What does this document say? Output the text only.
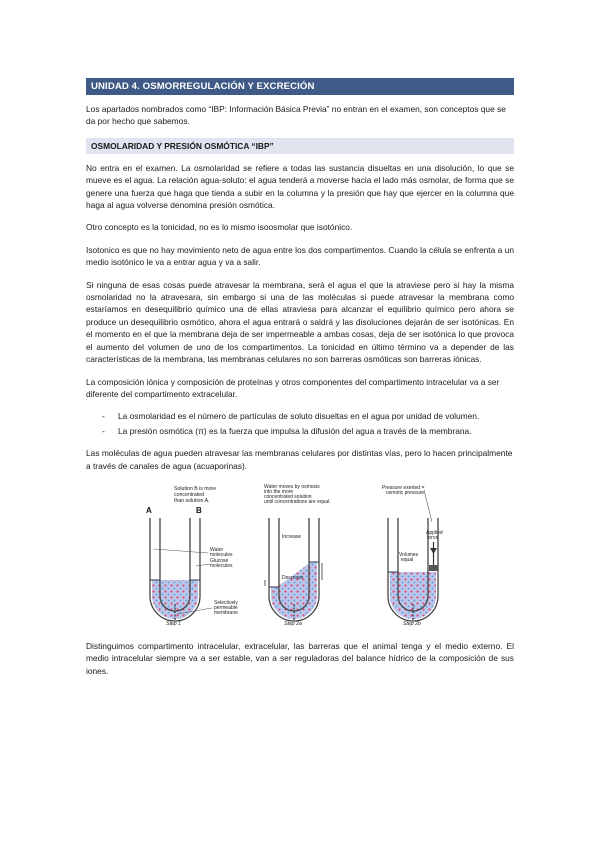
UNIDAD 4. OSMORREGULACIÓN Y EXCRECIÓN

Los apartados nombrados como “IBP: Información Básica Previa” no entran en el examen, son conceptos que se da por hecho que sabemos.

OSMOLARIDAD Y PRESIÓN OSMÓTICA “IBP”

No entra en el examen. La osmolaridad se refiere a todas las sustancia disueltas en una disolución, lo que se mueve es el agua. La relación agua-soluto: el agua tenderá a moverse hacia el lado más osmolar, de forma que se genere una fuerza que haga que tienda a subir en la columna y la presión que hay que ejercer en la columna que haga al agua volverse denomina presión osmótica.

Otro concepto es la tonicidad, no es lo mismo isoosmolar que isotónico.

Isotonico es que no hay movimiento neto de agua entre los dos compartimentos. Cuando la célula se enfrenta a un medio isotónico le va a entrar agua y va a salir.

Si ninguna de esas cosas puede atravesar la membrana, será el agua el que la atraviese pero si hay la misma osmolaridad no la atravesara, sin embargo si una de las moléculas si puede atravesar la membrana como estaríamos en desequilibrio químico una de ellas atraviesa para alcanzar el equilibrio químico pero ahora se produce un desequilibrio osmótico, ahora el agua entrará o saldrá y las disoluciones dejarán de ser isotónicas. En el momento en el que la membrana deja de ser impermeable a ambas cosas, deja de ser isotónica lo que provoca el aumento del volumen de uno de los compartimentos. La tonicidad en último término va a depender de las características de la membrana, las membranas celulares no son barreras osmóticas son barreras iónicas.

La composición iónica y composición de proteínas y otros componentes del compartimento intracelular va a ser diferente del compartimento extracelular.

- La osmolaridad es el número de partículas de soluto disueltas en el agua por unidad de volumen.
- La presión osmótica (π) es la fuerza que impulsa la difusión del agua a través de la membrana.

Las moléculas de agua pueden atravesar las membranas celulares por distintas vías, pero lo hacen principalmente a través de canales de agua (acuaporinas).

Solution B is more
concentrated
than solution A.
A	B
Water
molecules
Glucose
molecules
Selectively
permeable
membrane
Step 1
Water moves by osmosis
into the more
concentrated solution
until concentrations are equal.
Increase
Decrease
Step 2a
Pressure exerted =
osmotic pressure
Applied
force
Volumes
equal
Step 2b

Distinguimos compartimento intracelular, extracelular, las barreras que el animal tenga y el medio externo. El medio intracelular siempre va a ser estable, van a ser reguladoras del balance hídrico de la composición de sus iones.
